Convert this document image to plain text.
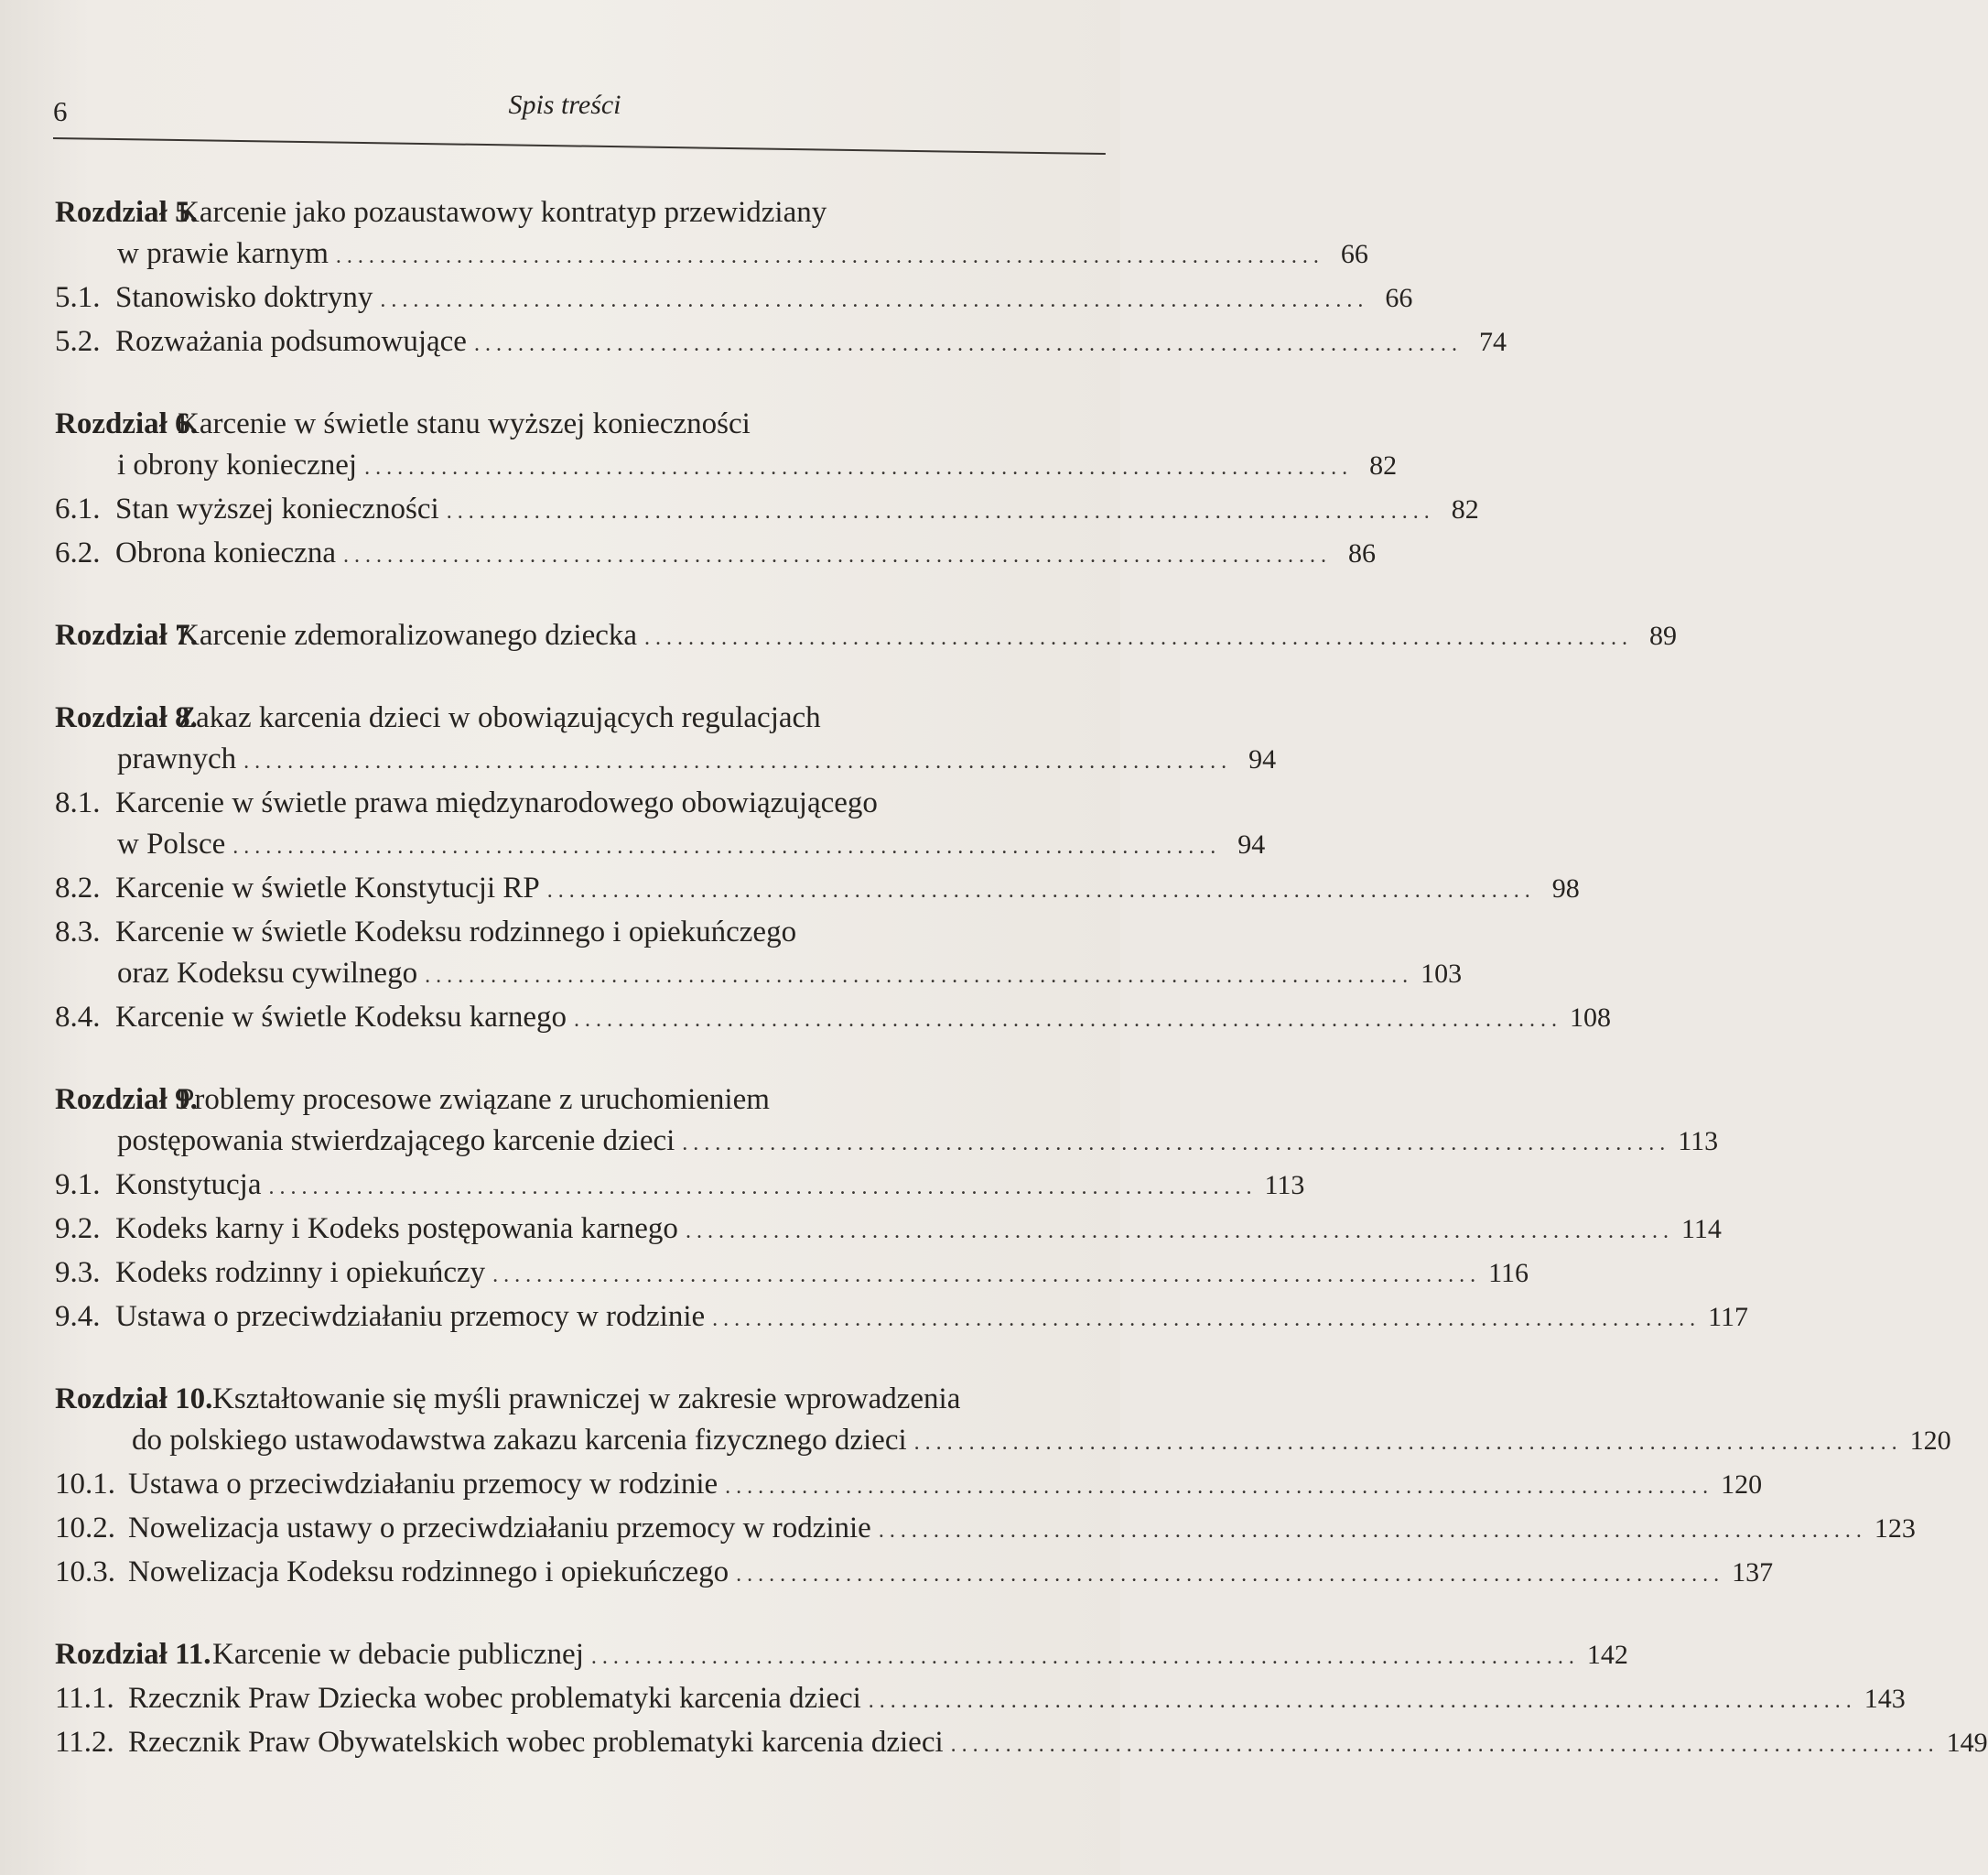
6	Spis treści
Rozdział 5.
Karcenie jako pozaustawowy kontratyp przewidziany
w prawie karnym .......................................................................................... 66
5.1. Stanowisko doktryny .......................................................................................... 66
5.2. Rozważania podsumowujące .......................................................................................... 74
Rozdział 6.
Karcenie w świetle stanu wyższej konieczności
i obrony koniecznej .......................................................................................... 82
6.1. Stan wyższej konieczności .......................................................................................... 82
6.2. Obrona konieczna .......................................................................................... 86
Rozdział 7.
Karcenie zdemoralizowanego dziecka .......................................................................................... 89
Rozdział 8.
Zakaz karcenia dzieci w obowiązujących regulacjach
prawnych .......................................................................................... 94
8.1. Karcenie w świetle prawa międzynarodowego obowiązującego
w Polsce .......................................................................................... 94
8.2. Karcenie w świetle Konstytucji RP .......................................................................................... 98
8.3. Karcenie w świetle Kodeksu rodzinnego i opiekuńczego
oraz Kodeksu cywilnego .......................................................................................... 103
8.4. Karcenie w świetle Kodeksu karnego .......................................................................................... 108
Rozdział 9.
Problemy procesowe związane z uruchomieniem
postępowania stwierdzającego karcenie dzieci .......................................................................................... 113
9.1. Konstytucja .......................................................................................... 113
9.2. Kodeks karny i Kodeks postępowania karnego .......................................................................................... 114
9.3. Kodeks rodzinny i opiekuńczy .......................................................................................... 116
9.4. Ustawa o przeciwdziałaniu przemocy w rodzinie .......................................................................................... 117
Rozdział 10. Kształtowanie się myśli prawniczej w zakresie wprowadzenia
do polskiego ustawodawstwa zakazu karcenia fizycznego dzieci .......................................................................................... 120
10.1. Ustawa o przeciwdziałaniu przemocy w rodzinie .......................................................................................... 120
10.2. Nowelizacja ustawy o przeciwdziałaniu przemocy w rodzinie .......................................................................................... 123
10.3. Nowelizacja Kodeksu rodzinnego i opiekuńczego .......................................................................................... 137
Rozdział 11. Karcenie w debacie publicznej .......................................................................................... 142
11.1. Rzecznik Praw Dziecka wobec problematyki karcenia dzieci .......................................................................................... 143
11.2. Rzecznik Praw Obywatelskich wobec problematyki karcenia dzieci .......................................................................................... 149
